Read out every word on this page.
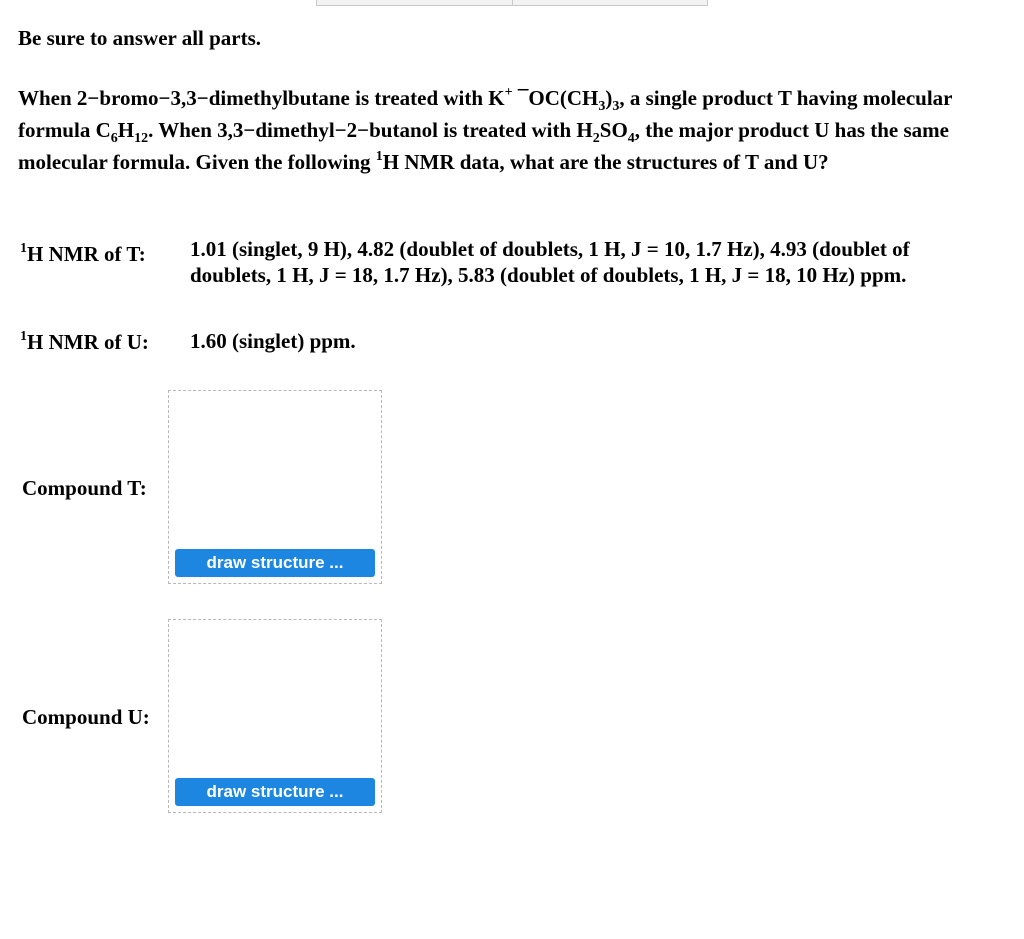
Be sure to answer all parts.
When 2−bromo−3,3−dimethylbutane is treated with K+ $¯OC(CH_3)_3$, a single product T having molecular formula $C_6H_{12}$. When 3,3−dimethyl−2−butanol is treated with $H_2SO_4$, the major product U has the same molecular formula. Given the following $^1$H NMR data, what are the structures of T and U?
$^1$H NMR of T: 1.01 (singlet, 9 H), 4.82 (doublet of doublets, 1 H, J = 10, 1.7 Hz), 4.93 (doublet of doublets, 1 H, J = 18, 1.7 Hz), 5.83 (doublet of doublets, 1 H, J = 18, 10 Hz) ppm.
$^1$H NMR of U: 1.60 (singlet) ppm.
Compound T:
draw structure ...
Compound U:
draw structure ...
